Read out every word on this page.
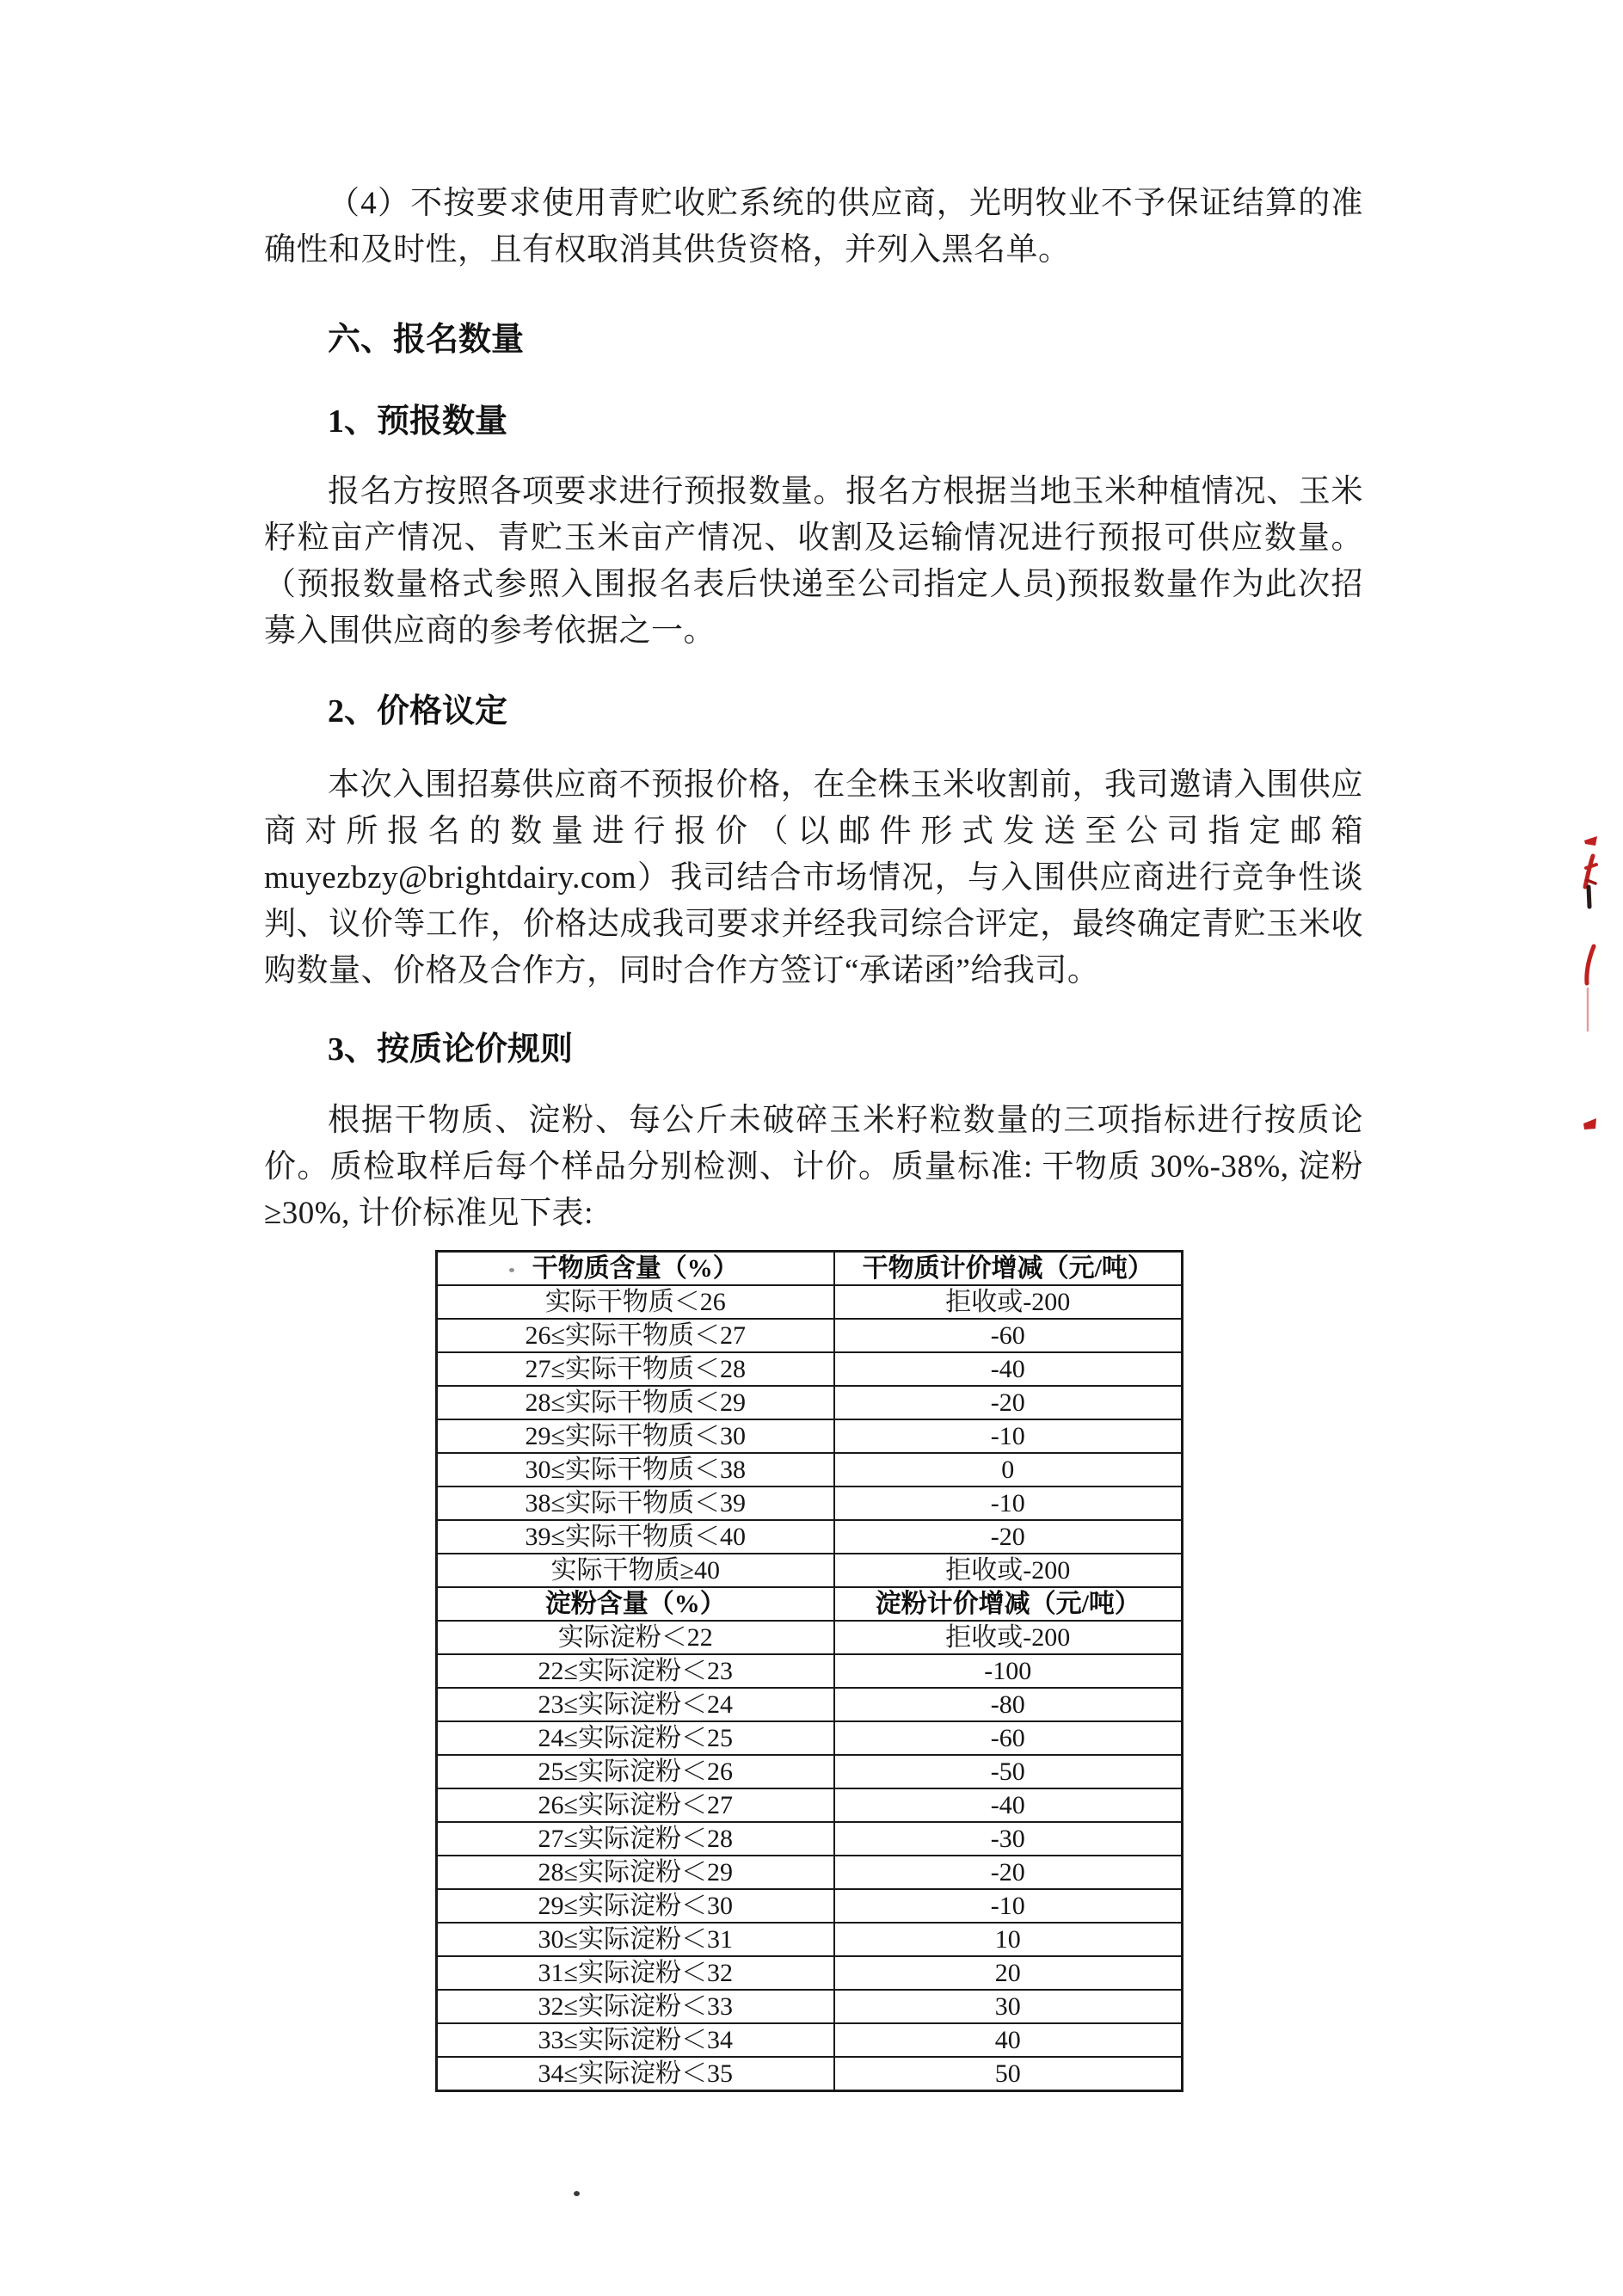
（4）不按要求使用青贮收贮系统的供应商，光明牧业不予保证结算的准确性和及时性，且有权取消其供货资格，并列入黑名单。

六、报名数量
1、预报数量

报名方按照各项要求进行预报数量。报名方根据当地玉米种植情况、玉米籽粒亩产情况、青贮玉米亩产情况、收割及运输情况进行预报可供应数量。（预报数量格式参照入围报名表后快递至公司指定人员)预报数量作为此次招募入围供应商的参考依据之一。

2、价格议定

本次入围招募供应商不预报价格，在全株玉米收割前，我司邀请入围供应商对所报名的数量进行报价（以邮件形式发送至公司指定邮箱muyezbzy@brightdairy.com）我司结合市场情况，与入围供应商进行竞争性谈判、议价等工作，价格达成我司要求并经我司综合评定，最终确定青贮玉米收购数量、价格及合作方，同时合作方签订“承诺函”给我司。

3、按质论价规则

根据干物质、淀粉、每公斤未破碎玉米籽粒数量的三项指标进行按质论价。质检取样后每个样品分别检测、计价。质量标准: 干物质 30%-38%, 淀粉≥30%, 计价标准见下表:

干物质含量（%）	干物质计价增减（元/吨）
实际干物质＜26	拒收或-200
26≤实际干物质＜27	-60
27≤实际干物质＜28	-40
28≤实际干物质＜29	-20
29≤实际干物质＜30	-10
30≤实际干物质＜38	0
38≤实际干物质＜39	-10
39≤实际干物质＜40	-20
实际干物质≥40	拒收或-200
淀粉含量（%）	淀粉计价增减（元/吨）
实际淀粉＜22	拒收或-200
22≤实际淀粉＜23	-100
23≤实际淀粉＜24	-80
24≤实际淀粉＜25	-60
25≤实际淀粉＜26	-50
26≤实际淀粉＜27	-40
27≤实际淀粉＜28	-30
28≤实际淀粉＜29	-20
29≤实际淀粉＜30	-10
30≤实际淀粉＜31	10
31≤实际淀粉＜32	20
32≤实际淀粉＜33	30
33≤实际淀粉＜34	40
34≤实际淀粉＜35	50
